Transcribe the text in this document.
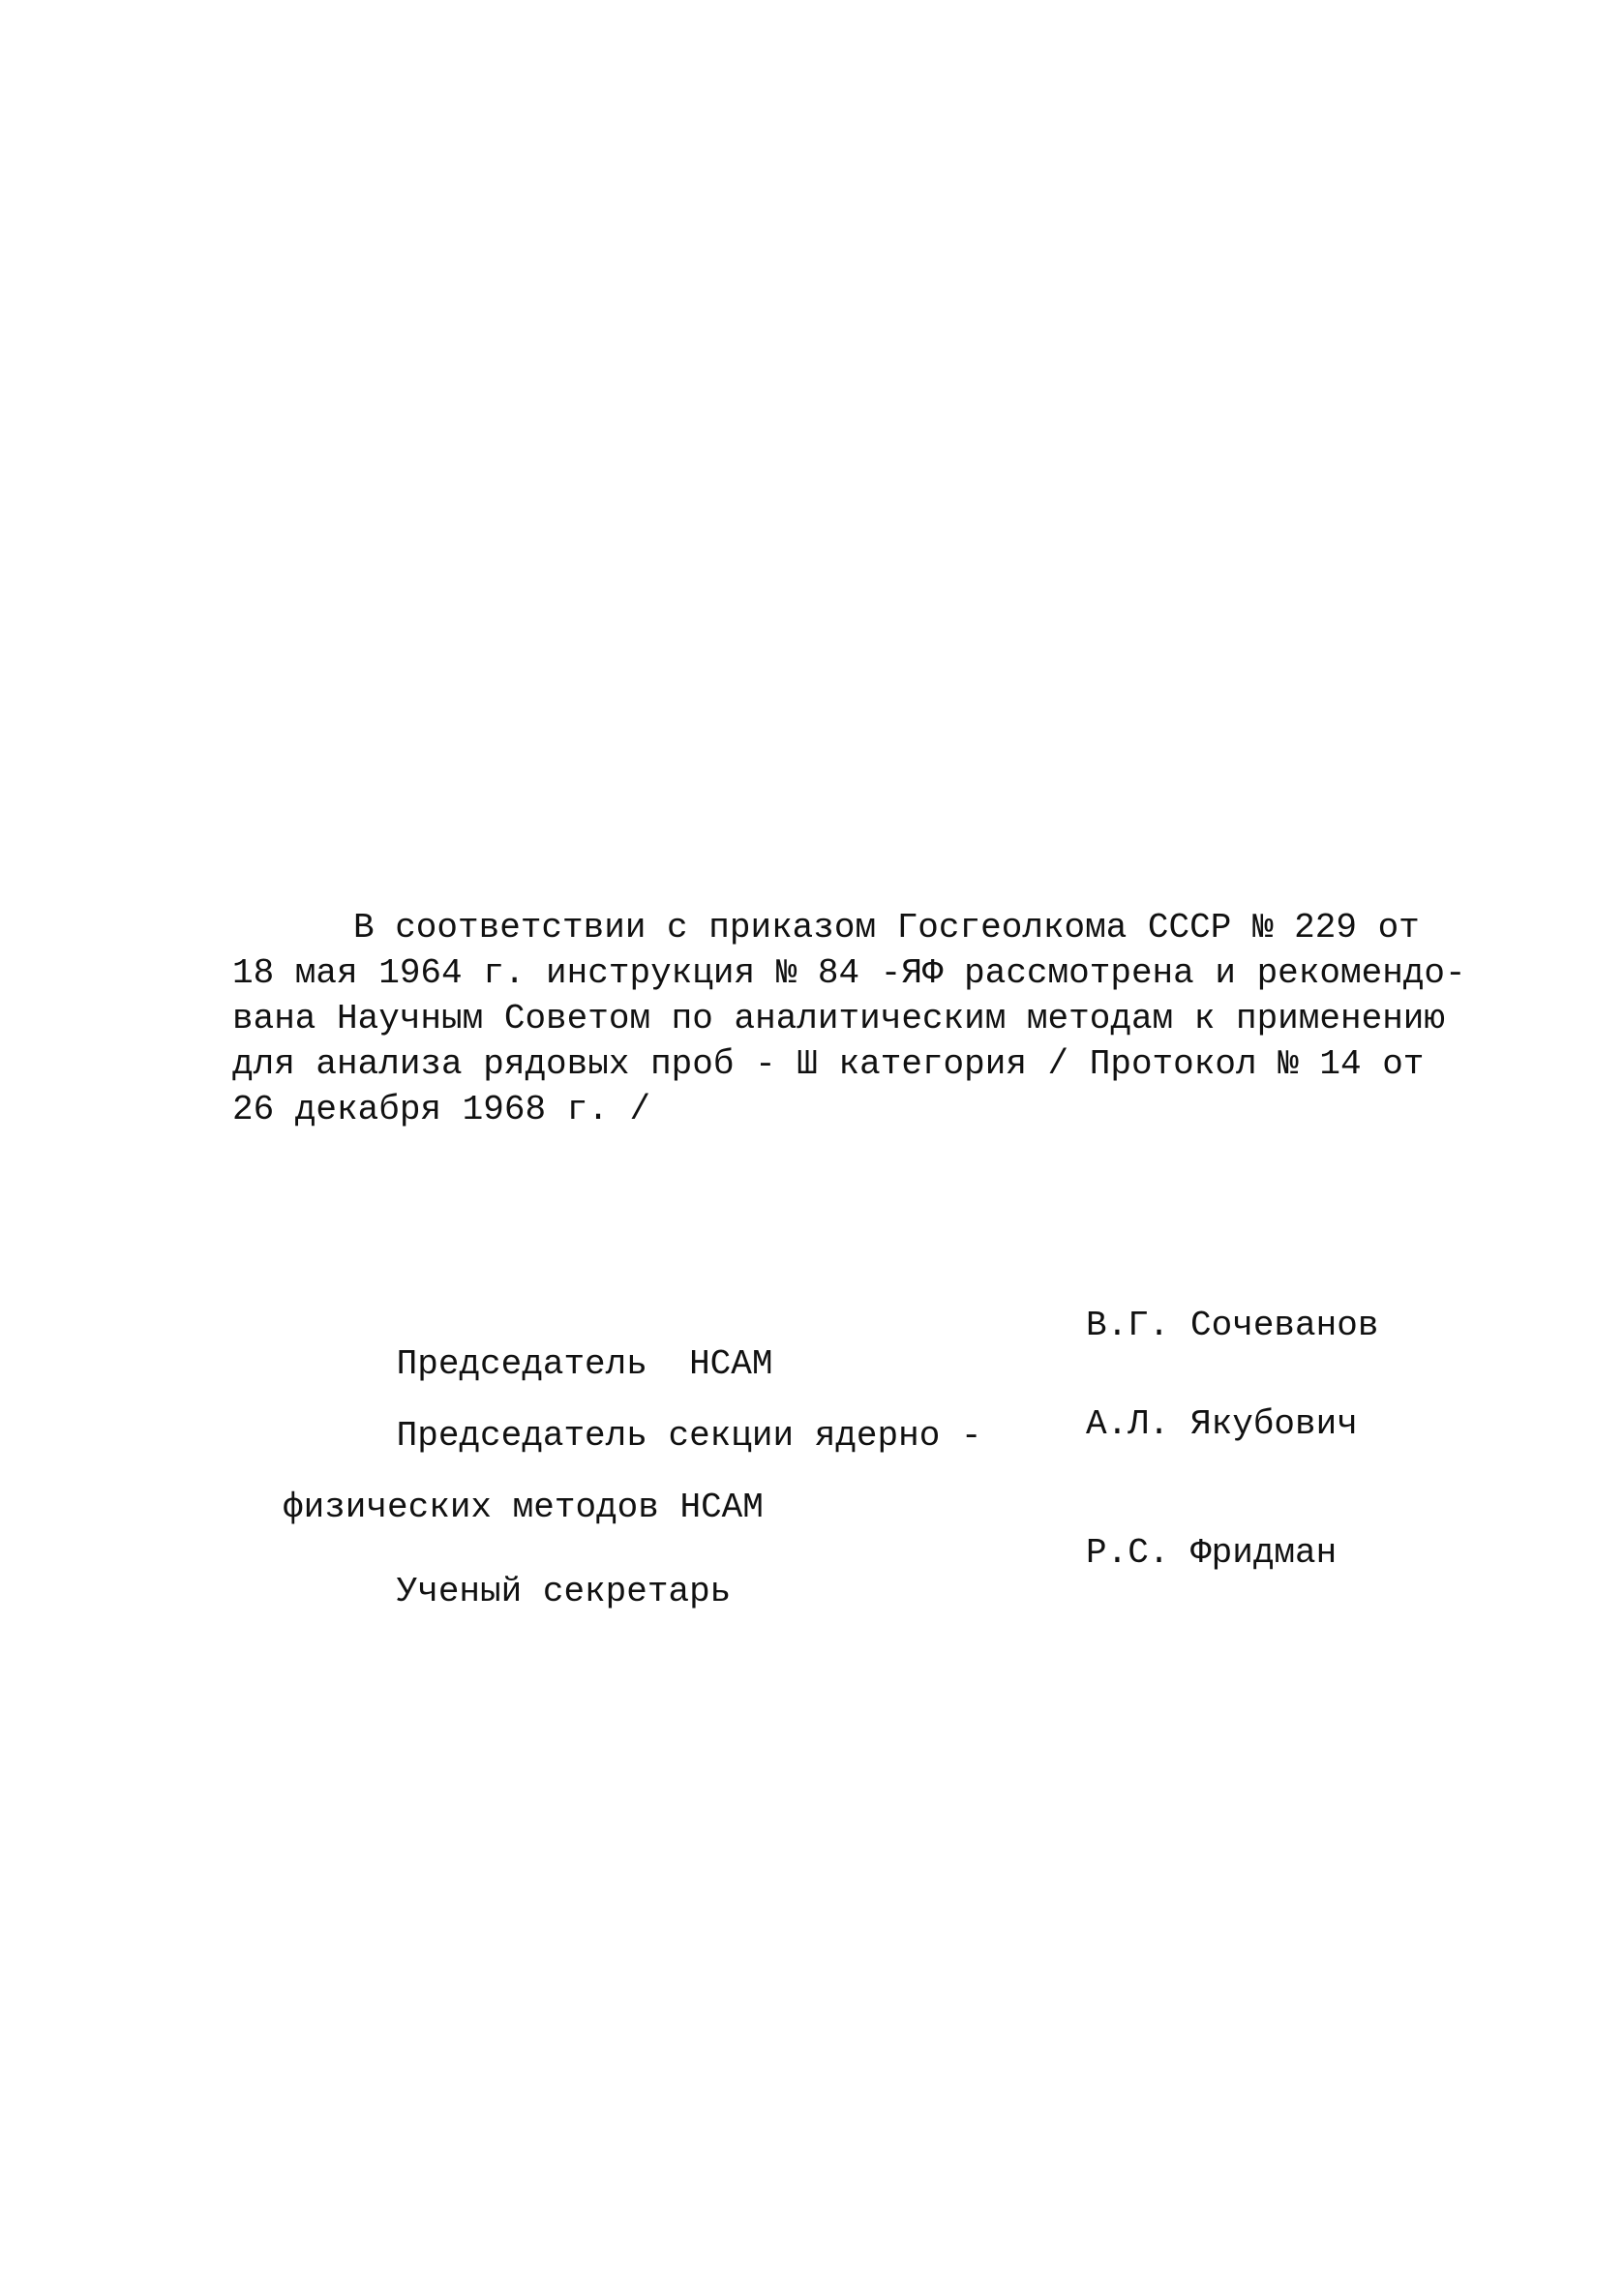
В соответствии с приказом Госгеолкома СССР № 229 от
18 мая 1964 г. инструкция № 84 -ЯФ рассмотрена и рекомендо-
вана Научным Советом по аналитическим методам к применению
для анализа рядовых проб - Ш категория / Протокол № 14 от
26 декабря 1968 г. /

Председатель  НСАМ

В.Г. Сочеванов

Председатель секции ядерно -

физических методов НСАМ

А.Л. Якубович

Ученый секретарь

Р.С. Фридман
